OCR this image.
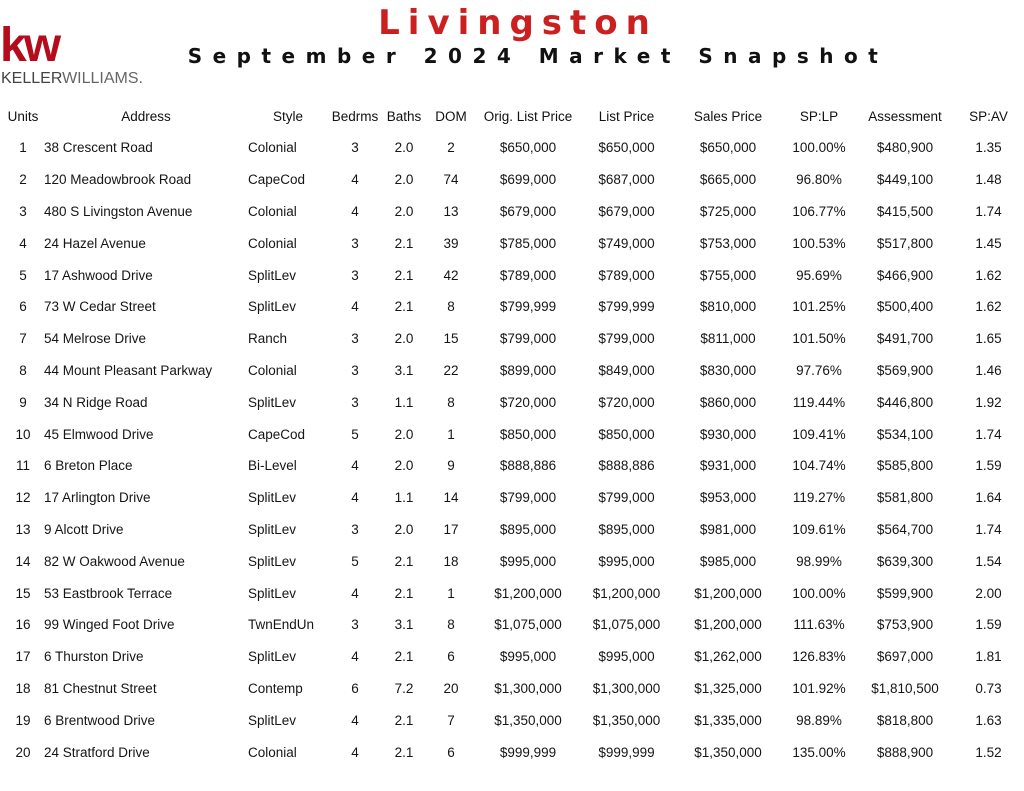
kw
KELLERWILLIAMS.
Livingston
September 2024 Market Snapshot
Units	Address	Style	Bedrms	Baths	DOM	Orig. List Price	List Price	Sales Price	SP:LP	Assessment	SP:AV
1	38 Crescent Road	Colonial	3	2.0	2	$650,000	$650,000	$650,000	100.00%	$480,900	1.35
2	120 Meadowbrook Road	CapeCod	4	2.0	74	$699,000	$687,000	$665,000	96.80%	$449,100	1.48
3	480 S Livingston Avenue	Colonial	4	2.0	13	$679,000	$679,000	$725,000	106.77%	$415,500	1.74
4	24 Hazel Avenue	Colonial	3	2.1	39	$785,000	$749,000	$753,000	100.53%	$517,800	1.45
5	17 Ashwood Drive	SplitLev	3	2.1	42	$789,000	$789,000	$755,000	95.69%	$466,900	1.62
6	73 W Cedar Street	SplitLev	4	2.1	8	$799,999	$799,999	$810,000	101.25%	$500,400	1.62
7	54 Melrose Drive	Ranch	3	2.0	15	$799,000	$799,000	$811,000	101.50%	$491,700	1.65
8	44 Mount Pleasant Parkway	Colonial	3	3.1	22	$899,000	$849,000	$830,000	97.76%	$569,900	1.46
9	34 N Ridge Road	SplitLev	3	1.1	8	$720,000	$720,000	$860,000	119.44%	$446,800	1.92
10	45 Elmwood Drive	CapeCod	5	2.0	1	$850,000	$850,000	$930,000	109.41%	$534,100	1.74
11	6 Breton Place	Bi-Level	4	2.0	9	$888,886	$888,886	$931,000	104.74%	$585,800	1.59
12	17 Arlington Drive	SplitLev	4	1.1	14	$799,000	$799,000	$953,000	119.27%	$581,800	1.64
13	9 Alcott Drive	SplitLev	3	2.0	17	$895,000	$895,000	$981,000	109.61%	$564,700	1.74
14	82 W Oakwood Avenue	SplitLev	5	2.1	18	$995,000	$995,000	$985,000	98.99%	$639,300	1.54
15	53 Eastbrook Terrace	SplitLev	4	2.1	1	$1,200,000	$1,200,000	$1,200,000	100.00%	$599,900	2.00
16	99 Winged Foot Drive	TwnEndUn	3	3.1	8	$1,075,000	$1,075,000	$1,200,000	111.63%	$753,900	1.59
17	6 Thurston Drive	SplitLev	4	2.1	6	$995,000	$995,000	$1,262,000	126.83%	$697,000	1.81
18	81 Chestnut Street	Contemp	6	7.2	20	$1,300,000	$1,300,000	$1,325,000	101.92%	$1,810,500	0.73
19	6 Brentwood Drive	SplitLev	4	2.1	7	$1,350,000	$1,350,000	$1,335,000	98.89%	$818,800	1.63
20	24 Stratford Drive	Colonial	4	2.1	6	$999,999	$999,999	$1,350,000	135.00%	$888,900	1.52
